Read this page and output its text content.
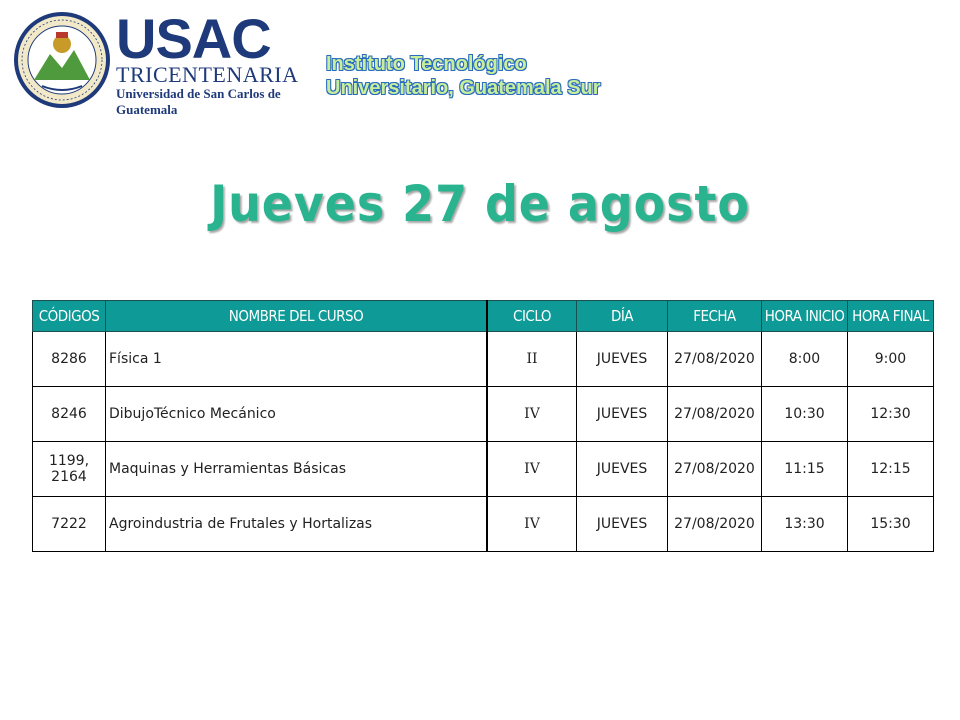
USAC
TRICENTENARIA
Universidad de San Carlos de Guatemala
Instituto Tecnológico
Universitario, Guatemala Sur
Jueves 27 de agosto
CÓDIGOS	NOMBRE DEL CURSO	CICLO	DÍA	FECHA	HORA INICIO	HORA FINAL
8286	Física 1	II	JUEVES	27/08/2020	8:00	9:00
8246	DibujoTécnico Mecánico	IV	JUEVES	27/08/2020	10:30	12:30
1199, 2164	Maquinas y Herramientas Básicas	IV	JUEVES	27/08/2020	11:15	12:15
7222	Agroindustria de Frutales y Hortalizas	IV	JUEVES	27/08/2020	13:30	15:30
